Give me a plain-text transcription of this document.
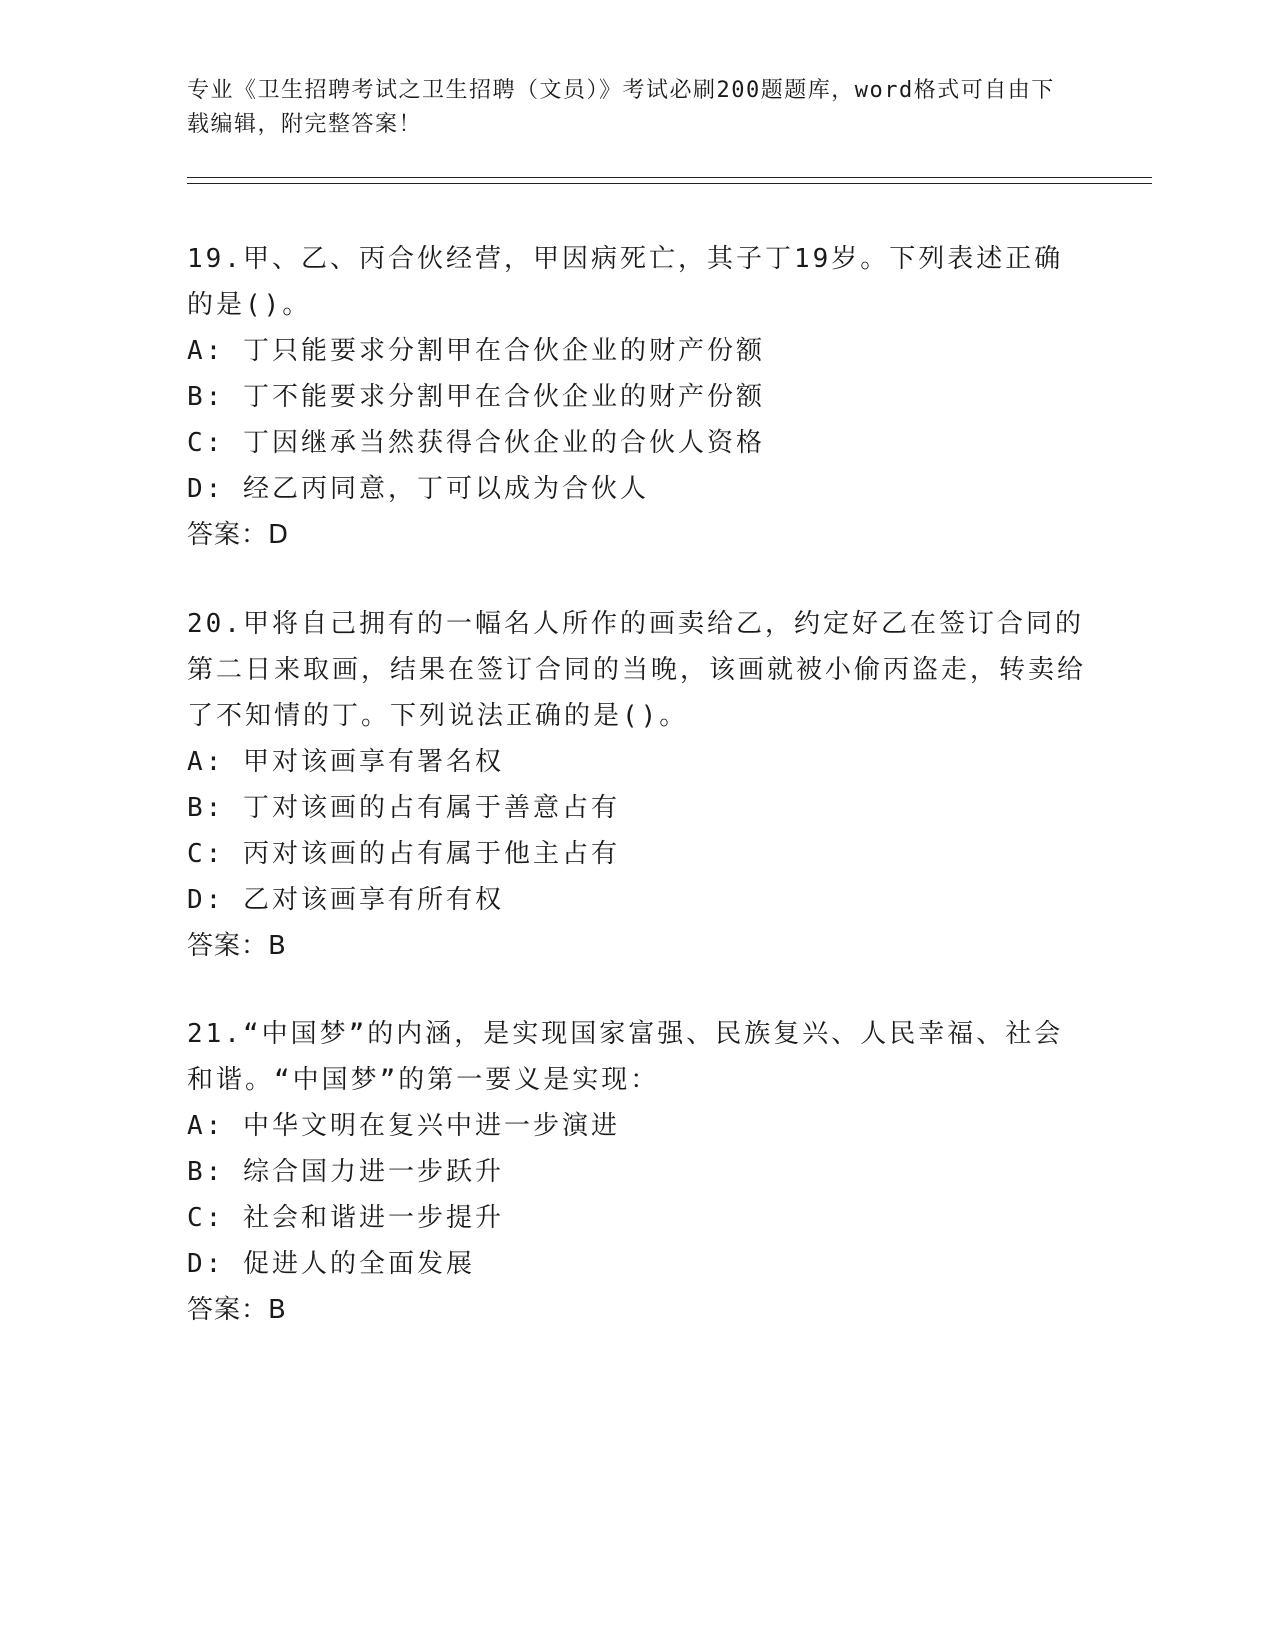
专业《卫生招聘考试之卫生招聘（文员）》考试必刷200题题库，word格式可自由下载编辑，附完整答案！

19.甲、乙、丙合伙经营，甲因病死亡，其子丁19岁。下列表述正确的是()。

A: 丁只能要求分割甲在合伙企业的财产份额

B: 丁不能要求分割甲在合伙企业的财产份额

C: 丁因继承当然获得合伙企业的合伙人资格

D: 经乙丙同意，丁可以成为合伙人

答案：D

20.甲将自己拥有的一幅名人所作的画卖给乙，约定好乙在签订合同的第二日来取画，结果在签订合同的当晚，该画就被小偷丙盗走，转卖给了不知情的丁。下列说法正确的是()。

A: 甲对该画享有署名权

B: 丁对该画的占有属于善意占有

C: 丙对该画的占有属于他主占有

D: 乙对该画享有所有权

答案：B

21.“中国梦”的内涵，是实现国家富强、民族复兴、人民幸福、社会和谐。“中国梦”的第一要义是实现：

A: 中华文明在复兴中进一步演进

B: 综合国力进一步跃升

C: 社会和谐进一步提升

D: 促进人的全面发展

答案：B
